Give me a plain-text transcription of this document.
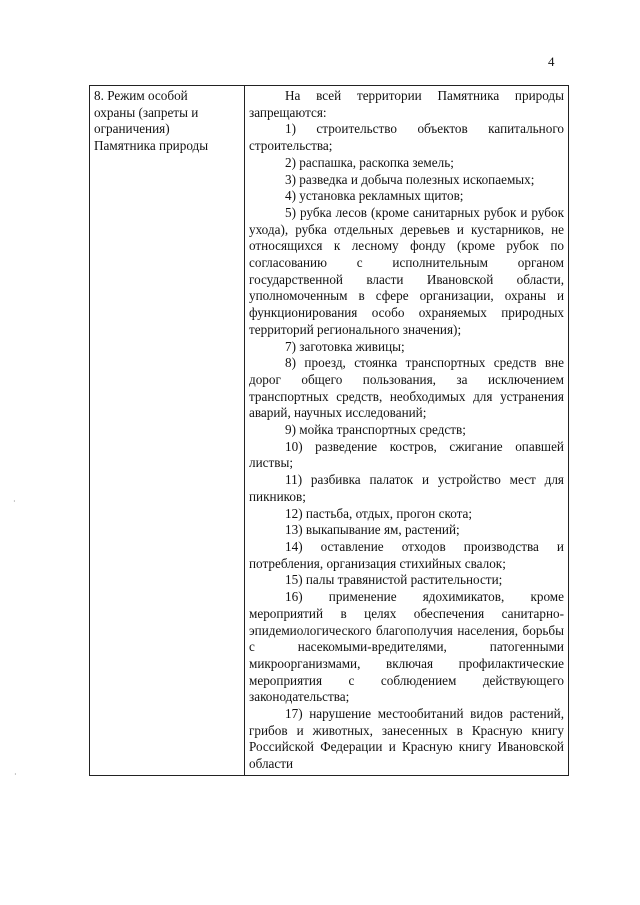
4
8. Режим особой
охраны (запреты и
ограничения)
Памятника природы

На всей территории Памятника природы запрещаются:

1) строительство объектов капитального строительства;

2) распашка, раскопка земель;

3) разведка и добыча полезных ископаемых;

4) установка рекламных щитов;

5) рубка лесов (кроме санитарных рубок и рубок ухода), рубка отдельных деревьев и кустарников, не относящихся к лесному фонду (кроме рубок по согласованию с исполнительным органом государственной власти Ивановской области, уполномоченным в сфере организации, охраны и функционирования особо охраняемых природных территорий регионального значения);

7) заготовка живицы;

8) проезд, стоянка транспортных средств вне дорог общего пользования, за исключением транспортных средств, необходимых для устранения аварий, научных исследований;

9) мойка транспортных средств;

10) разведение костров, сжигание опавшей листвы;

11) разбивка палаток и устройство мест для пикников;

12) пастьба, отдых, прогон скота;

13) выкапывание ям, растений;

14) оставление отходов производства и потребления, организация стихийных свалок;

15) палы травянистой растительности;

16) применение ядохимикатов, кроме мероприятий в целях обеспечения санитарно-эпидемиологического благополучия населения, борьбы с насекомыми-вредителями, патогенными микроорганизмами, включая профилактические мероприятия с соблюдением действующего законодательства;

17) нарушение местообитаний видов растений, грибов и животных, занесенных в Красную книгу Российской Федерации и Красную книгу Ивановской области

·
·
